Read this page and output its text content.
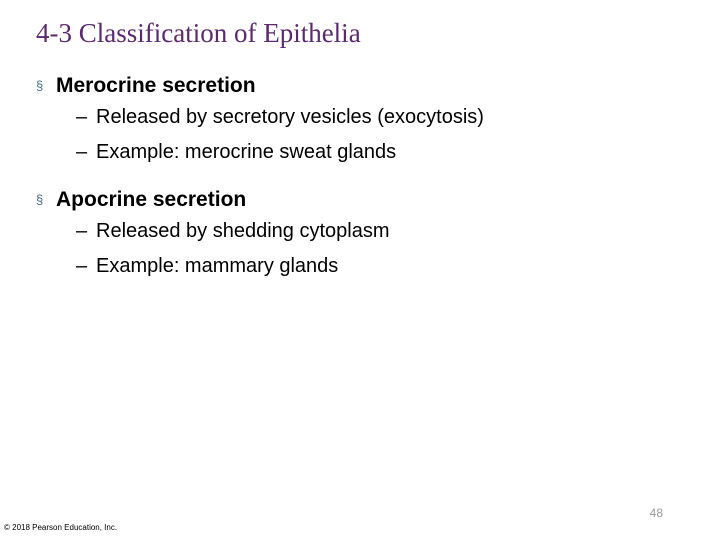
4-3 Classification of Epithelia
§ Merocrine secretion
– Released by secretory vesicles (exocytosis)
– Example: merocrine sweat glands
§ Apocrine secretion
– Released by shedding cytoplasm
– Example: mammary glands
48
© 2018 Pearson Education, Inc.
